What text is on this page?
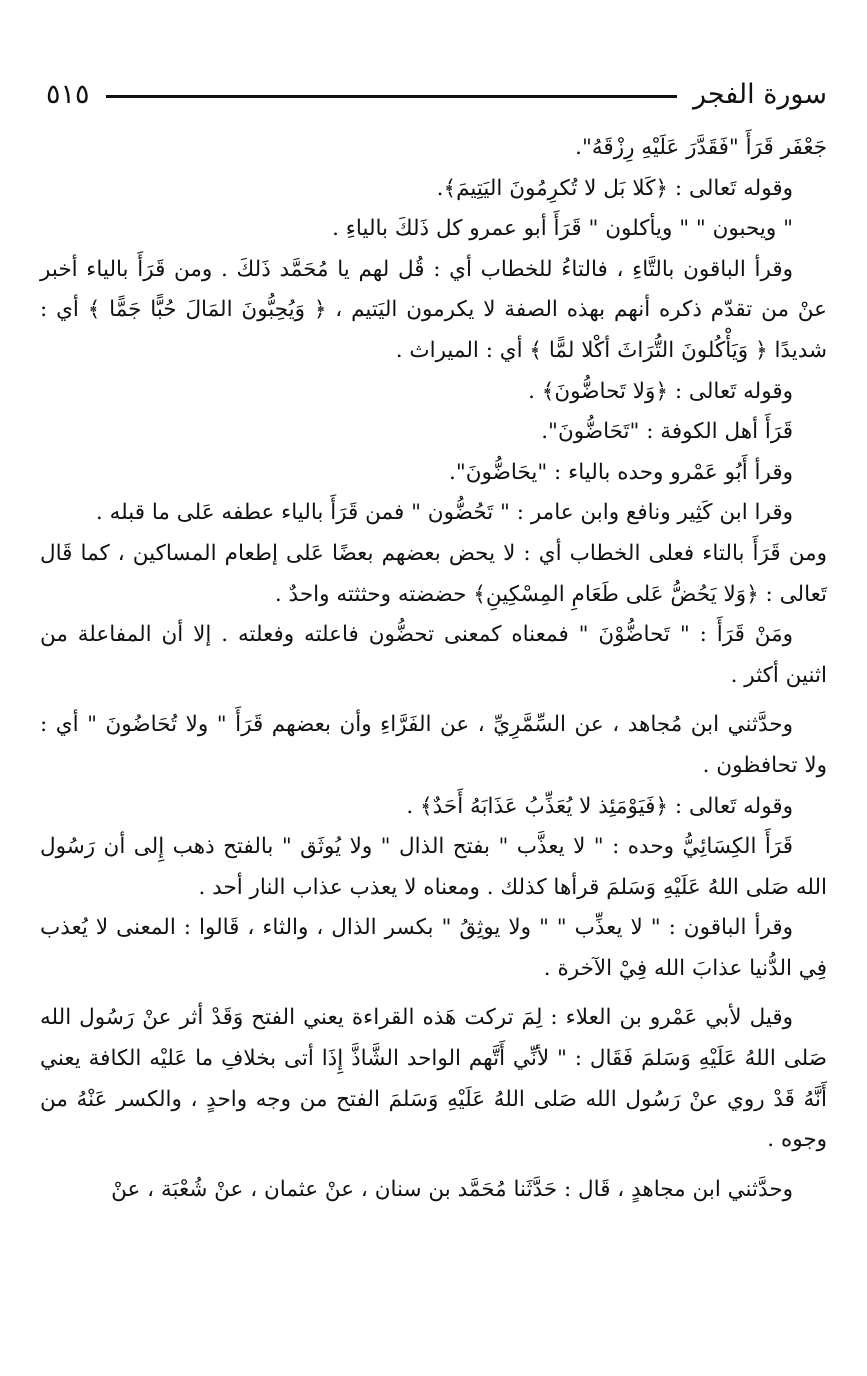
سورة الفجر
٥١٥

جَعْفَر قَرَأَ "فَقَدَّرَ عَلَيْهِ رِزْقَهُ".

وقوله تَعالى : ﴿كَلا بَل لا تُكرِمُونَ اليَتِيمَ﴾.

" ويحبون " " ويأكلون " قَرَأَ أبو عمرو كل ذَلكَ بالياءِ .

وقرأ الباقون بالتَّاءِ ، فالتاءُ للخطاب أي : قُل لهم يا مُحَمَّد ذَلكَ . ومن قَرَأَ بالياء أخبر عنْ من تقدّم ذكره أنهم بهذه الصفة لا يكرمون اليَتيم ، ﴿ وَيُحِبُّونَ المَالَ حُبًّا جَمًّا ﴾ أي : شديدًا ﴿ وَيَأْكُلونَ التُّرَاثَ أكْلا لمًّا ﴾ أي : الميراث .

وقوله تَعالى : ﴿وَلا تَحاضُّونَ﴾ .

قَرَأَ أهل الكوفة : "تَحَاضُّونَ".

وقرأ أَبُو عَمْرو وحده بالياء : "يحَاضُّونَ".

وقرا ابن كَثِير ونافع وابن عامر : " تَحُضُّون " فمن قَرَأَ بالياء عطفه عَلى ما قبله .

ومن قَرَأَ بالتاء فعلى الخطاب أي : لا يحض بعضهم بعضًا عَلى إطعام المساكين ، كما قَال تَعالى : ﴿وَلا يَحُضُّ عَلى طَعَامِ المِسْكِينِ﴾ حضضته وحثثته واحدٌ .

ومَنْ قَرَأَ : " تَحاضُّوْنَ " فمعناه كمعنى تحضُّون فاعلته وفعلته . إلا أن المفاعلة من اثنين أكثر .

وحدَّثني ابن مُجاهد ، عن السِّمَّرِيِّ ، عن الفَرَّاءِ وأن بعضهم قَرَأَ " ولا تُحَاضُونَ " أي : ولا تحافظون .

وقوله تَعالى : ﴿فَيَوْمَئِذ لا يُعَذِّبُ عَذَابَهُ أَحَدٌ﴾ .

قَرَأَ الكِسَائِيُّ وحده : " لا يعذَّب " بفتح الذال " ولا يُوثَق " بالفتح ذهب إِلى أن رَسُول الله صَلى اللهُ عَلَيْهِ وَسَلمَ قرأها كذلك . ومعناه لا يعذب عذاب النار أحد .

وقرأ الباقون : " لا يعذِّب " " ولا يوثِقُ " بكسر الذال ، والثاء ، قَالوا : المعنى لا يُعذب فِي الدُّنيا عذابَ الله فِيْ الآخرة .

وقيل لأبي عَمْرو بن العلاء : لِمَ تركت هَذه القراءة يعني الفتح وَقَدْ أثر عنْ رَسُول الله صَلى اللهُ عَلَيْهِ وَسَلمَ فَقَال : " لأنِّي أَتَّهم الواحد الشَّاذَّ إِذَا أتى بخلافِ ما عَليْه الكافة يعني أَنَّهُ قَدْ روي عنْ رَسُول الله صَلى اللهُ عَلَيْهِ وَسَلمَ الفتح من وجه واحدٍ ، والكسر عَنْهُ من وجوه .

وحدَّثني ابن مجاهدٍ ، قَال : حَدَّثَنا مُحَمَّد بن سنان ، عنْ عثمان ، عنْ شُعْبَة ، عنْ
